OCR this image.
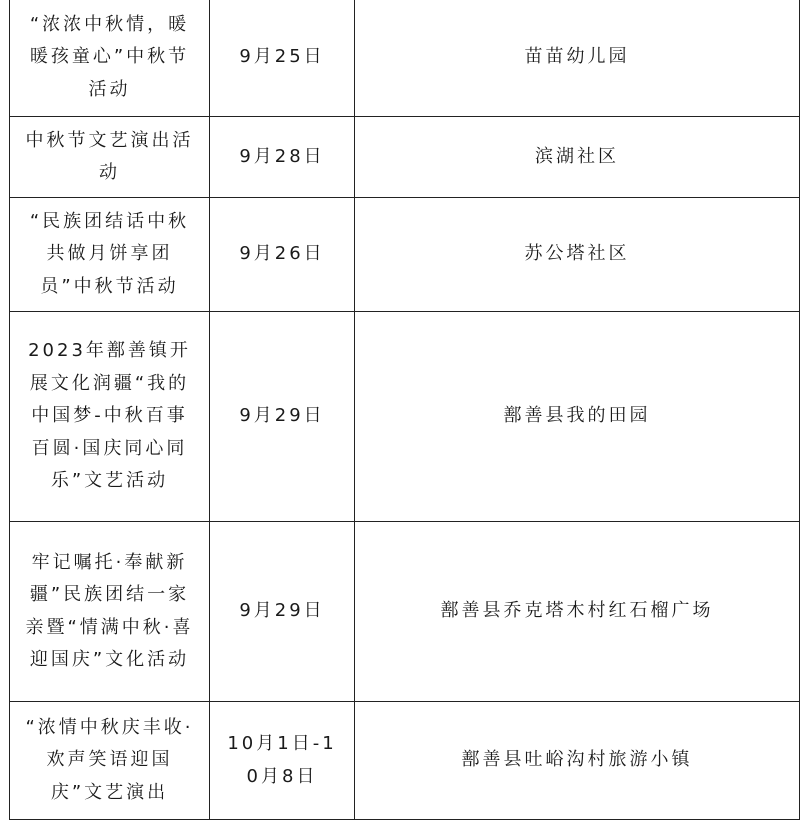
“浓浓中秋情，暖暖孩童心”中秋节活动	9月25日	苗苗幼儿园
中秋节文艺演出活动	9月28日	滨湖社区
“民族团结话中秋 共做月饼享团员”中秋节活动	9月26日	苏公塔社区
2023年鄯善镇开展文化润疆“我的中国梦-中秋百事百圆·国庆同心同乐”文艺活动	9月29日	鄯善县我的田园
牢记嘱托·奉献新疆”民族团结一家亲暨“情满中秋·喜迎国庆”文化活动	9月29日	鄯善县乔克塔木村红石榴广场
“浓情中秋庆丰收·欢声笑语迎国庆”文艺演出	10月1日-10月8日	鄯善县吐峪沟村旅游小镇
